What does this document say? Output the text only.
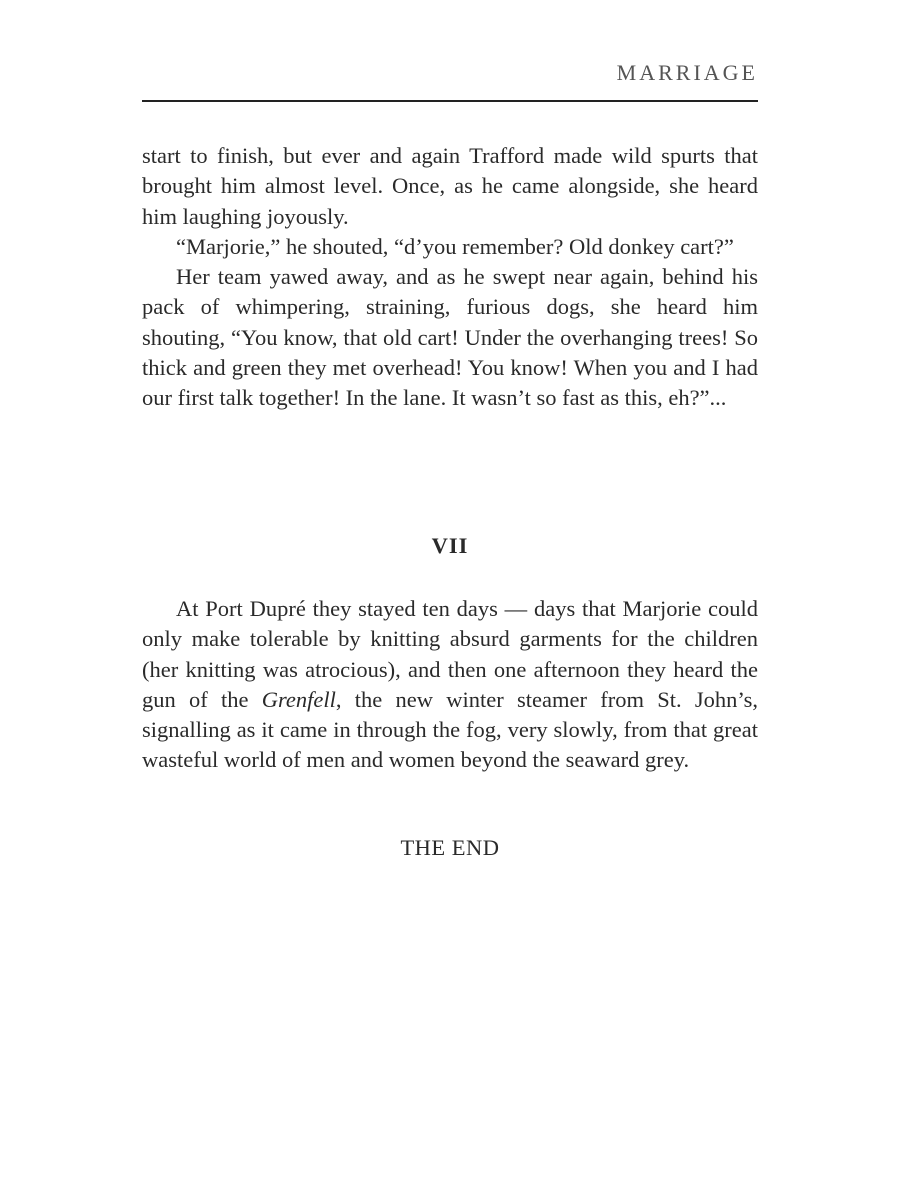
MARRIAGE

start to finish, but ever and again Trafford made wild spurts that brought him almost level. Once, as he came alongside, she heard him laughing joyously.

“Marjorie,” he shouted, “d’you remember? Old donkey cart?”

Her team yawed away, and as he swept near again, behind his pack of whimpering, straining, furious dogs, she heard him shouting, “You know, that old cart! Under the overhanging trees! So thick and green they met overhead! You know! When you and I had our first talk together! In the lane. It wasn’t so fast as this, eh?”...

VII

At Port Dupré they stayed ten days — days that Marjorie could only make tolerable by knitting absurd garments for the children (her knitting was atrocious), and then one afternoon they heard the gun of the Grenfell, the new winter steamer from St. John’s, signalling as it came in through the fog, very slowly, from that great wasteful world of men and women beyond the seaward grey.

THE END
